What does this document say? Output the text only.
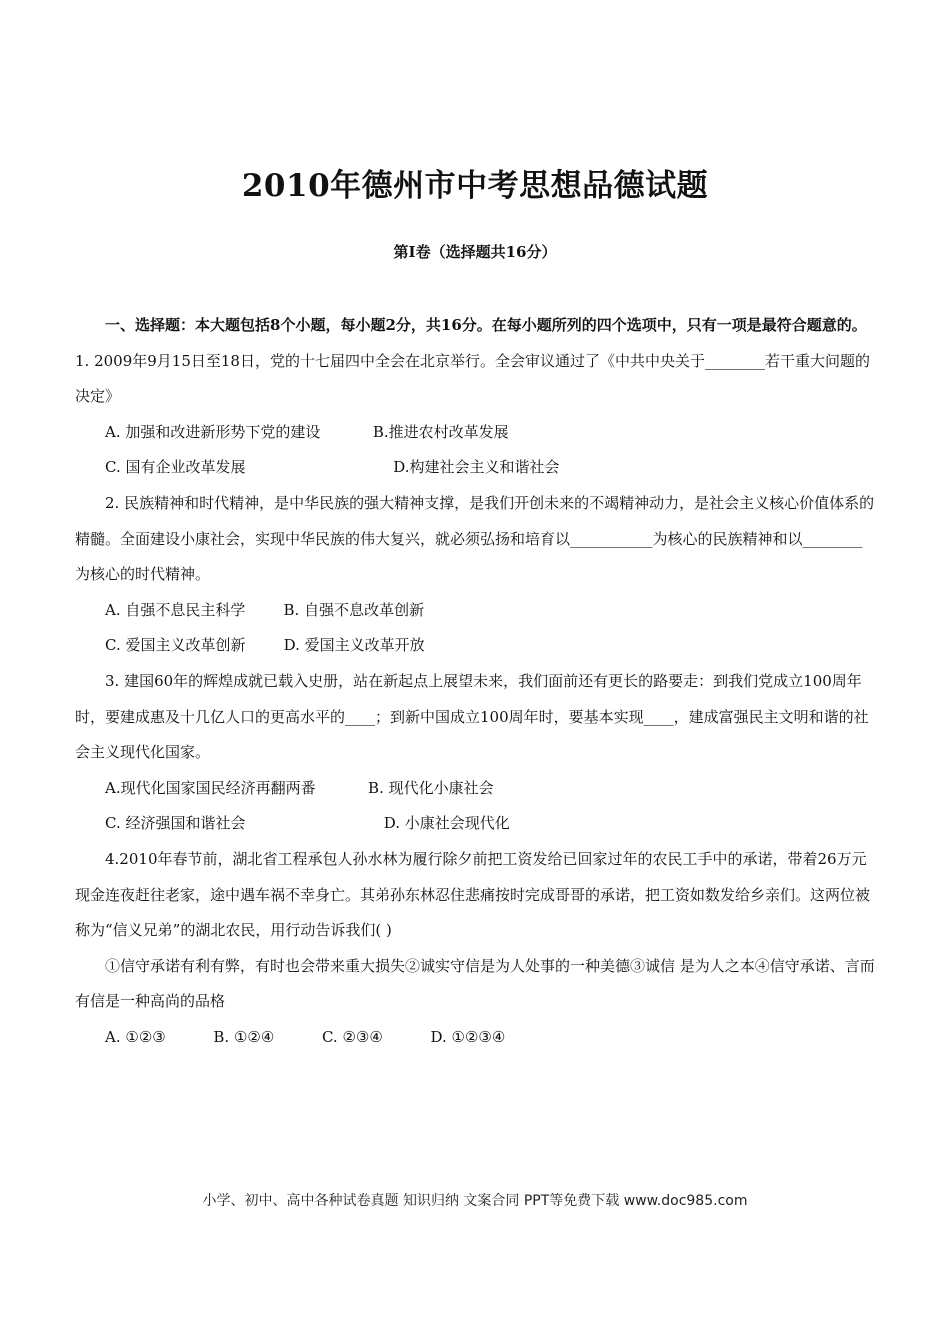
2010年德州市中考思想品德试题
第Ⅰ卷（选择题共16分）

一、选择题：本大题包括8个小题，每小题2分，共16分。在每小题所列的四个选项中，只有一项是最符合题意的。

1. 2009年9月15日至18日，党的十七届四中全会在北京举行。全会审议通过了《中共中央关于________若干重大问题的决定》

A. 加强和改进新形势下党的建设           B.推进农村改革发展

C. 国有企业改革发展                               D.构建社会主义和谐社会

2. 民族精神和时代精神，是中华民族的强大精神支撑，是我们开创未来的不竭精神动力，是社会主义核心价值体系的精髓。全面建设小康社会，实现中华民族的伟大复兴，就必须弘扬和培育以___________为核心的民族精神和以________为核心的时代精神。

A. 自强不息民主科学        B. 自强不息改革创新

C. 爱国主义改革创新        D. 爱国主义改革开放

3. 建国60年的辉煌成就已载入史册，站在新起点上展望未来，我们面前还有更长的路要走：到我们党成立100周年时，要建成惠及十几亿人口的更高水平的____；到新中国成立100周年时，要基本实现____，建成富强民主文明和谐的社会主义现代化国家。

A.现代化国家国民经济再翻两番           B. 现代化小康社会

C. 经济强国和谐社会                             D. 小康社会现代化

4.2010年春节前，湖北省工程承包人孙水林为履行除夕前把工资发给已回家过年的农民工手中的承诺，带着26万元现金连夜赶往老家，途中遇车祸不幸身亡。其弟孙东林忍住悲痛按时完成哥哥的承诺，把工资如数发给乡亲们。这两位被称为“信义兄弟”的湖北农民，用行动告诉我们( )

①信守承诺有利有弊，有时也会带来重大损失②诚实守信是为人处事的一种美德③诚信 是为人之本④信守承诺、言而有信是一种高尚的品格

A. ①②③          B. ①②④          C. ②③④          D. ①②③④

小学、初中、高中各种试卷真题 知识归纳 文案合同 PPT等免费下载 www.doc985.com
